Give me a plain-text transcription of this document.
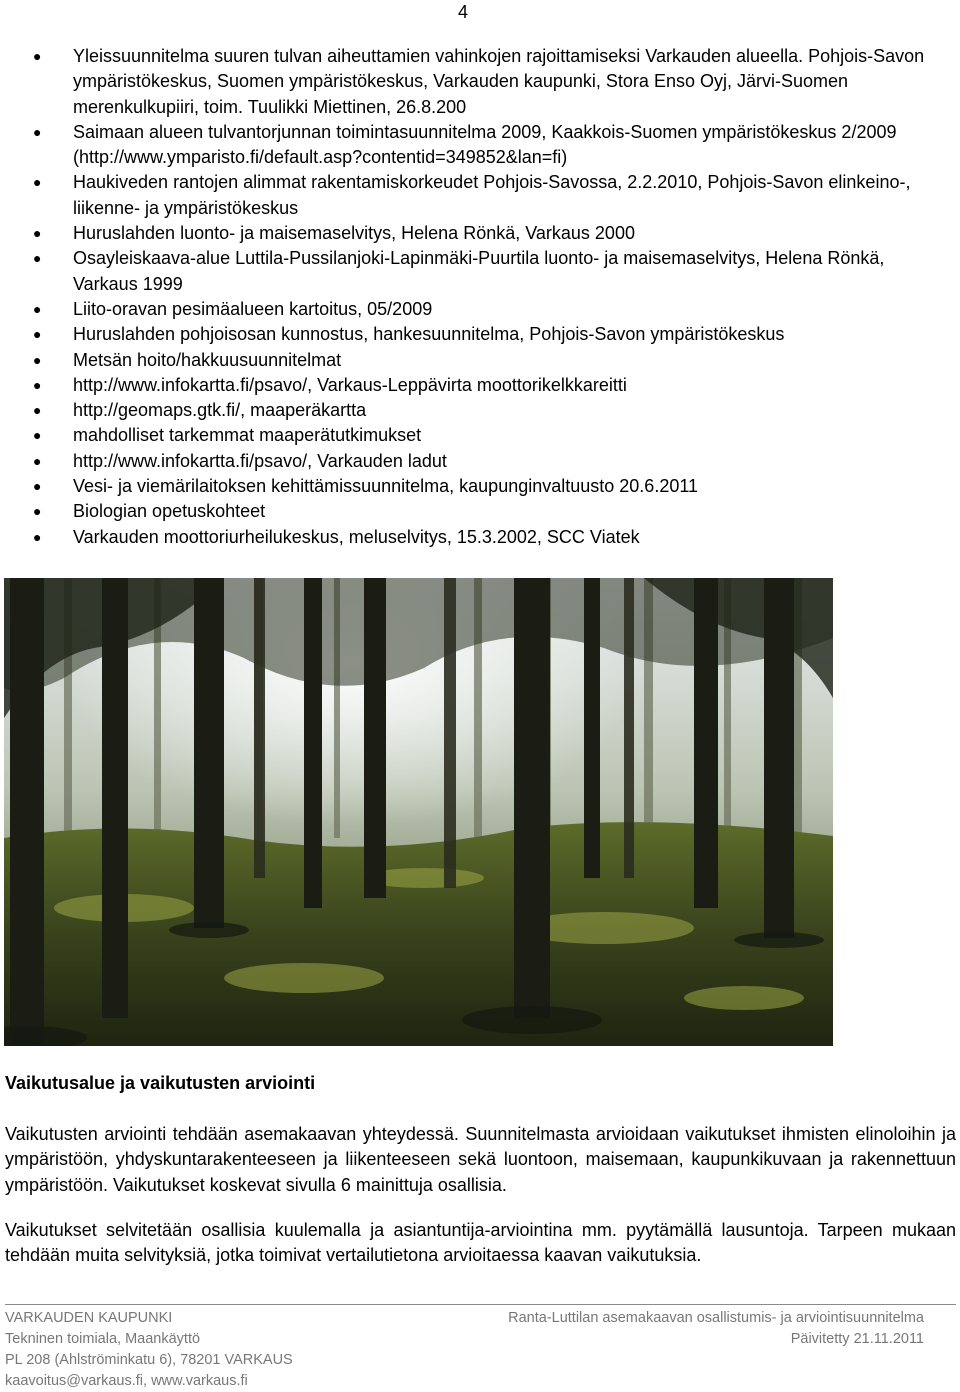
4
● Yleissuunnitelma suuren tulvan aiheuttamien vahinkojen rajoittamiseksi Varkauden alueella. Pohjois-Savon ympäristökeskus, Suomen ympäristökeskus, Varkauden kaupunki, Stora Enso Oyj, Järvi-Suomen merenkulkupiiri, toim. Tuulikki Miettinen, 26.8.200
● Saimaan alueen tulvantorjunnan toimintasuunnitelma 2009, Kaakkois-Suomen ympäristökeskus 2/2009 (http://www.ymparisto.fi/default.asp?contentid=349852&lan=fi)
● Haukiveden rantojen alimmat rakentamiskorkeudet Pohjois-Savossa, 2.2.2010, Pohjois-Savon elinkeino-, liikenne- ja ympäristökeskus
● Huruslahden luonto- ja maisemaselvitys, Helena Rönkä, Varkaus 2000
● Osayleiskaava-alue Luttila-Pussilanjoki-Lapinmäki-Puurtila luonto- ja maisemaselvitys, Helena Rönkä, Varkaus 1999
● Liito-oravan pesimäalueen kartoitus, 05/2009
● Huruslahden pohjoisosan kunnostus, hankesuunnitelma, Pohjois-Savon ympäristökeskus
● Metsän hoito/hakkuusuunnitelmat
● http://www.infokartta.fi/psavo/, Varkaus-Leppävirta moottorikelkkareitti
● http://geomaps.gtk.fi/, maaperäkartta
● mahdolliset tarkemmat maaperätutkimukset
● http://www.infokartta.fi/psavo/, Varkauden ladut
● Vesi- ja viemärilaitoksen kehittämissuunnitelma, kaupunginvaltuusto 20.6.2011
● Biologian opetuskohteet
● Varkauden moottoriurheilukeskus, meluselvitys, 15.3.2002, SCC Viatek
Vaikutusalue ja vaikutusten arviointi

Vaikutusten arviointi tehdään asemakaavan yhteydessä. Suunnitelmasta arvioidaan vaikutukset ihmisten elinoloihin ja ympäristöön, yhdyskuntarakenteeseen ja liikenteeseen sekä luontoon, maisemaan, kaupunkikuvaan ja rakennettuun ympäristöön. Vaikutukset koskevat sivulla 6 mainittuja osallisia.

Vaikutukset selvitetään osallisia kuulemalla ja asiantuntija-arviointina mm. pyytämällä lausuntoja. Tarpeen mukaan tehdään muita selvityksiä, jotka toimivat vertailutietona arvioitaessa kaavan vaikutuksia.

VARKAUDEN KAUPUNKI
Tekninen toimiala, Maankäyttö
PL 208 (Ahlströminkatu 6), 78201 VARKAUS
kaavoitus@varkaus.fi, www.varkaus.fi
Ranta-Luttilan asemakaavan osallistumis- ja arviointisuunnitelma
Päivitetty 21.11.2011
